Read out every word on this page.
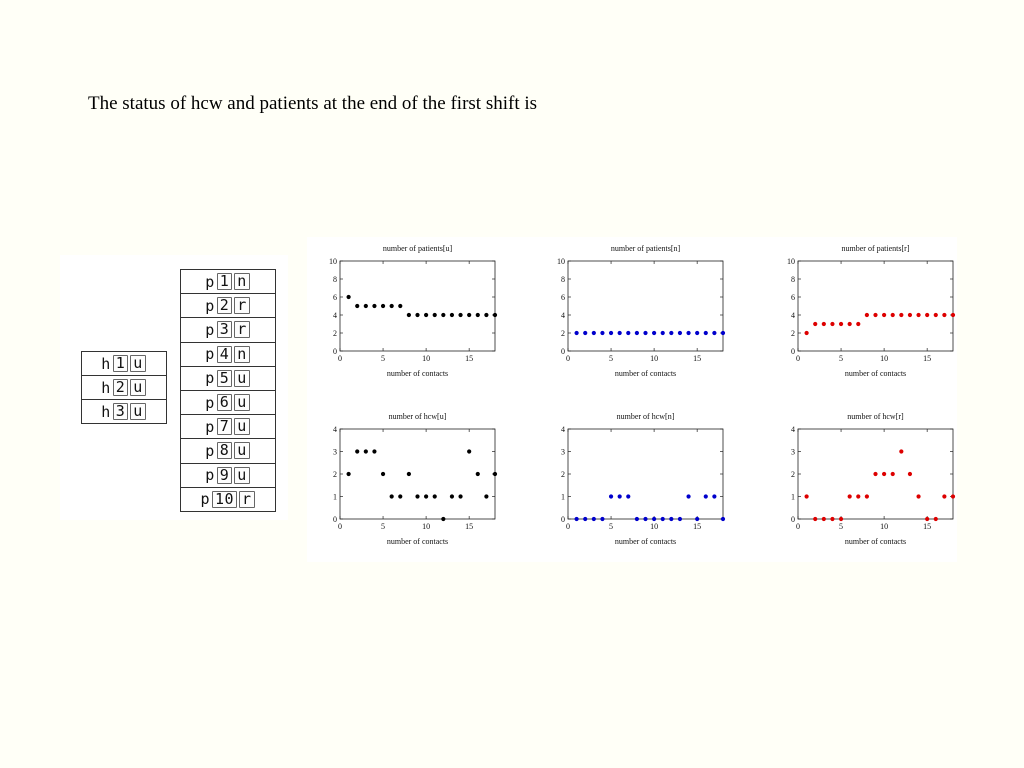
The status of hcw and patients at the end of the first shift is
h 1 u
h 2 u
h 3 u
p 1 n
p 2 r
p 3 r
p 4 n
p 5 u
p 6 u
p 7 u
p 8 u
p 9 u
p 10 r
number of patients[u]
0	5	10	15
0
2
4
6
8
10
number of contacts
number of patients[n]
0	5	10	15
0
2
4
6
8
10
number of contacts
number of patients[r]
0	5	10	15
0
2
4
6
8
10
number of contacts
number of hcw[u]
0	5	10	15
0
1
2
3
4
number of contacts
number of hcw[n]
0	5	10	15
0
1
2
3
4
number of contacts
number of hcw[r]
0	5	10	15
0
1
2
3
4
number of contacts
